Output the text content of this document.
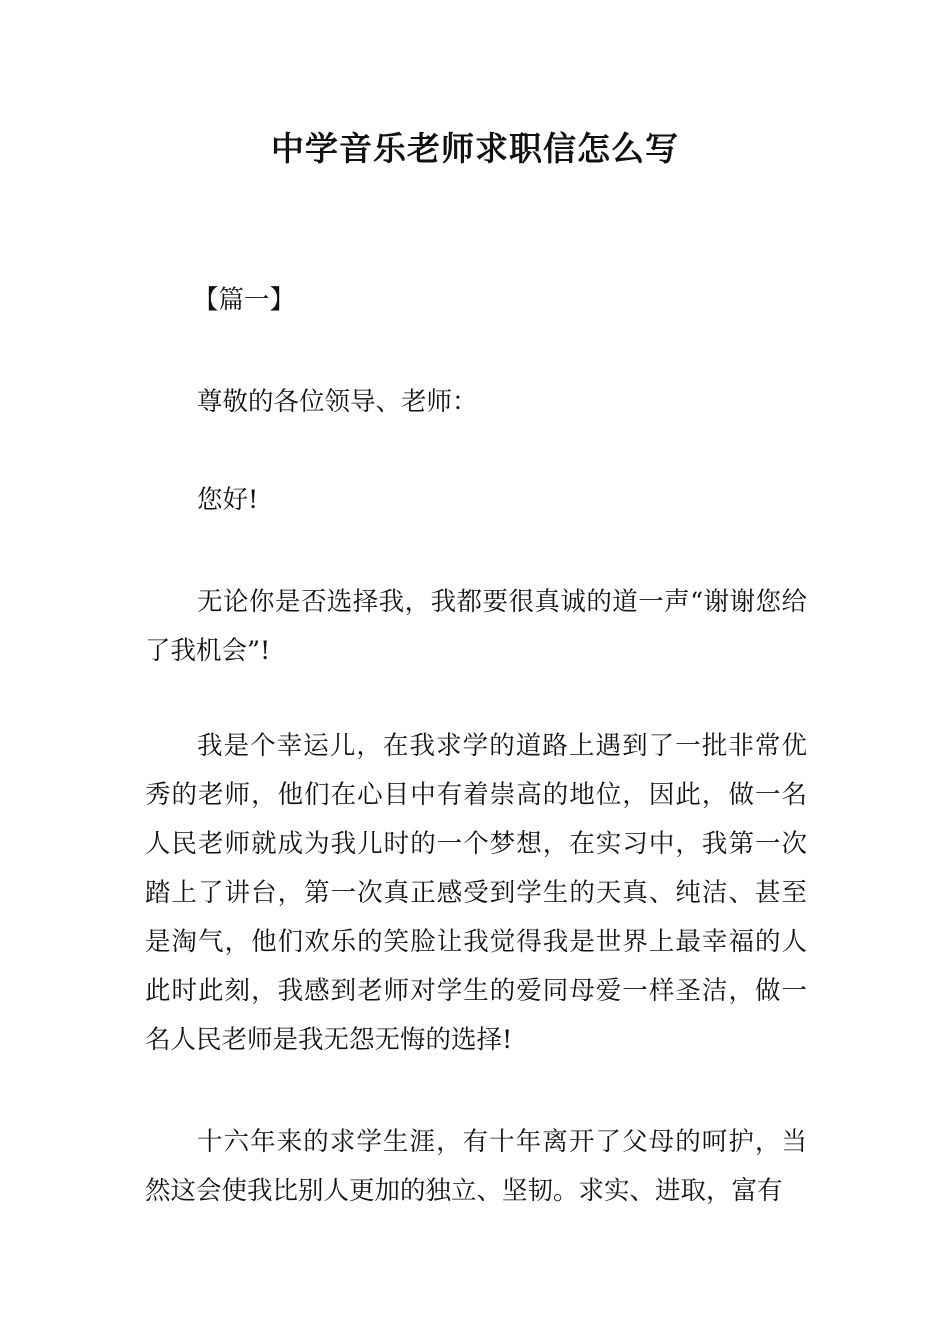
中学音乐老师求职信怎么写

【篇一】

尊敬的各位领导、老师：

您好!

无论你是否选择我，我都要很真诚的道一声“谢谢您给了我机会”!

我是个幸运儿，在我求学的道路上遇到了一批非常优秀的老师，他们在心目中有着崇高的地位，因此，做一名人民老师就成为我儿时的一个梦想，在实习中，我第一次踏上了讲台，第一次真正感受到学生的天真、纯洁、甚至是淘气，他们欢乐的笑脸让我觉得我是世界上最幸福的人此时此刻，我感到老师对学生的爱同母爱一样圣洁，做一名人民老师是我无怨无悔的选择!

十六年来的求学生涯，有十年离开了父母的呵护，当然这会使我比别人更加的独立、坚韧。求实、进取，富有
